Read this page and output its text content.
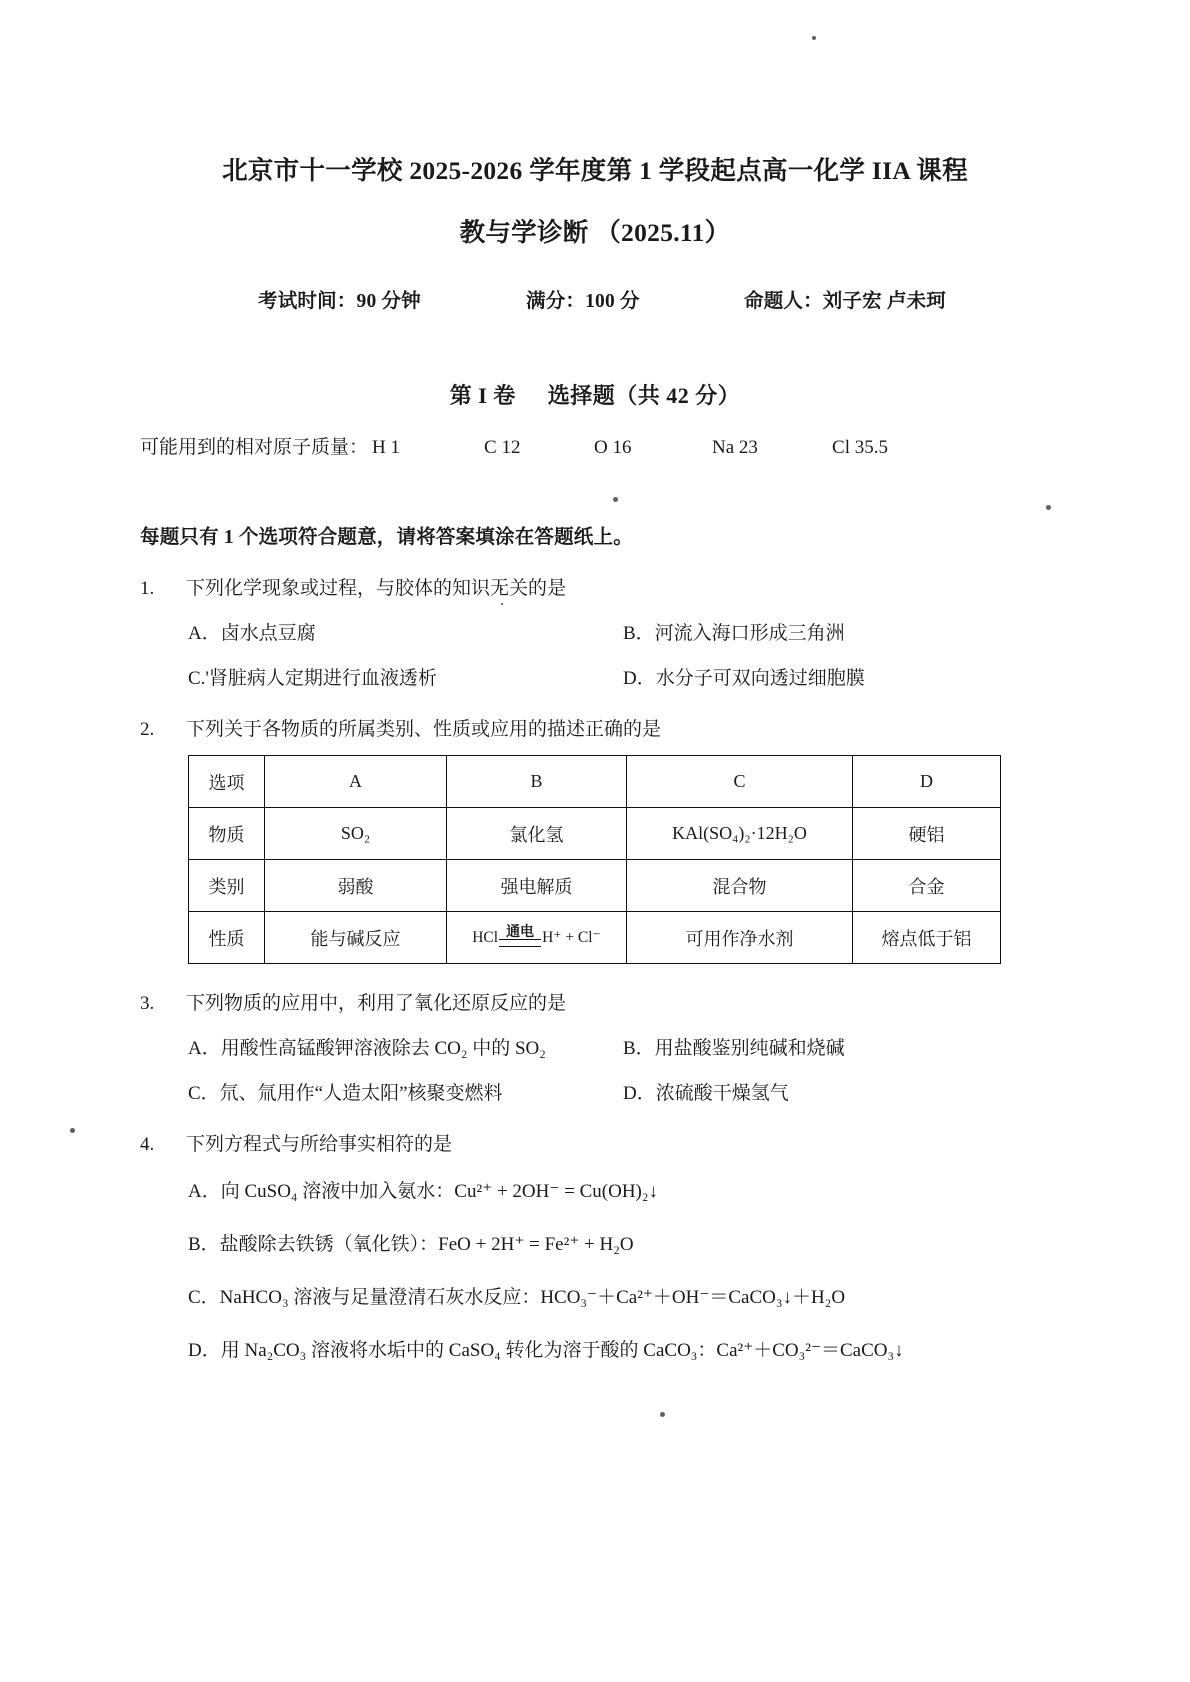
北京市十一学校 2025-2026 学年度第 1 学段起点高一化学 IIA 课程
教与学诊断 （2025.11）
考试时间：90 分钟	满分：100 分	命题人：刘子宏 卢未珂
第 I 卷 选择题（共 42 分）
可能用到的相对原子质量： H 1	C 12	O 16	Na 23	Cl 35.5
每题只有 1 个选项符合题意，请将答案填涂在答题纸上。
1.	下列化学现象或过程，与胶体的知识无关 · ·的是
A．卤水点豆腐	B．河流入海口形成三角洲
C.'肾脏病人定期进行血液透析	D．水分子可双向透过细胞膜
2.	下列关于各物质的所属类别、性质或应用的描述正确的是
选项	A	B	C	D
物质	SO₂	氯化氢	KAl(SO₄)₂·12H₂O	硬铝
类别	弱酸	强电解质	混合物	合金
性质	能与碱反应	HCl 通电 H⁺ + Cl⁻	可用作净水剂	熔点低于铝
3.	下列物质的应用中，利用了氧化还原反应的是
A．用酸性高锰酸钾溶液除去 CO₂ 中的 SO₂	B．用盐酸鉴别纯碱和烧碱
C．氘、氚用作“人造太阳”核聚变燃料	D．浓硫酸干燥氢气
4.	下列方程式与所给事实相符的是
A．向 CuSO₄ 溶液中加入氨水：Cu²⁺ + 2OH⁻ = Cu(OH)₂↓
B．盐酸除去铁锈（氧化铁）：FeO + 2H⁺ = Fe²⁺ + H₂O
C．NaHCO₃ 溶液与足量澄清石灰水反应：HCO₃⁻＋Ca²⁺＋OH⁻＝CaCO₃↓＋H₂O
D．用 Na₂CO₃ 溶液将水垢中的 CaSO₄ 转化为溶于酸的 CaCO₃：Ca²⁺＋CO₃²⁻＝CaCO₃↓
